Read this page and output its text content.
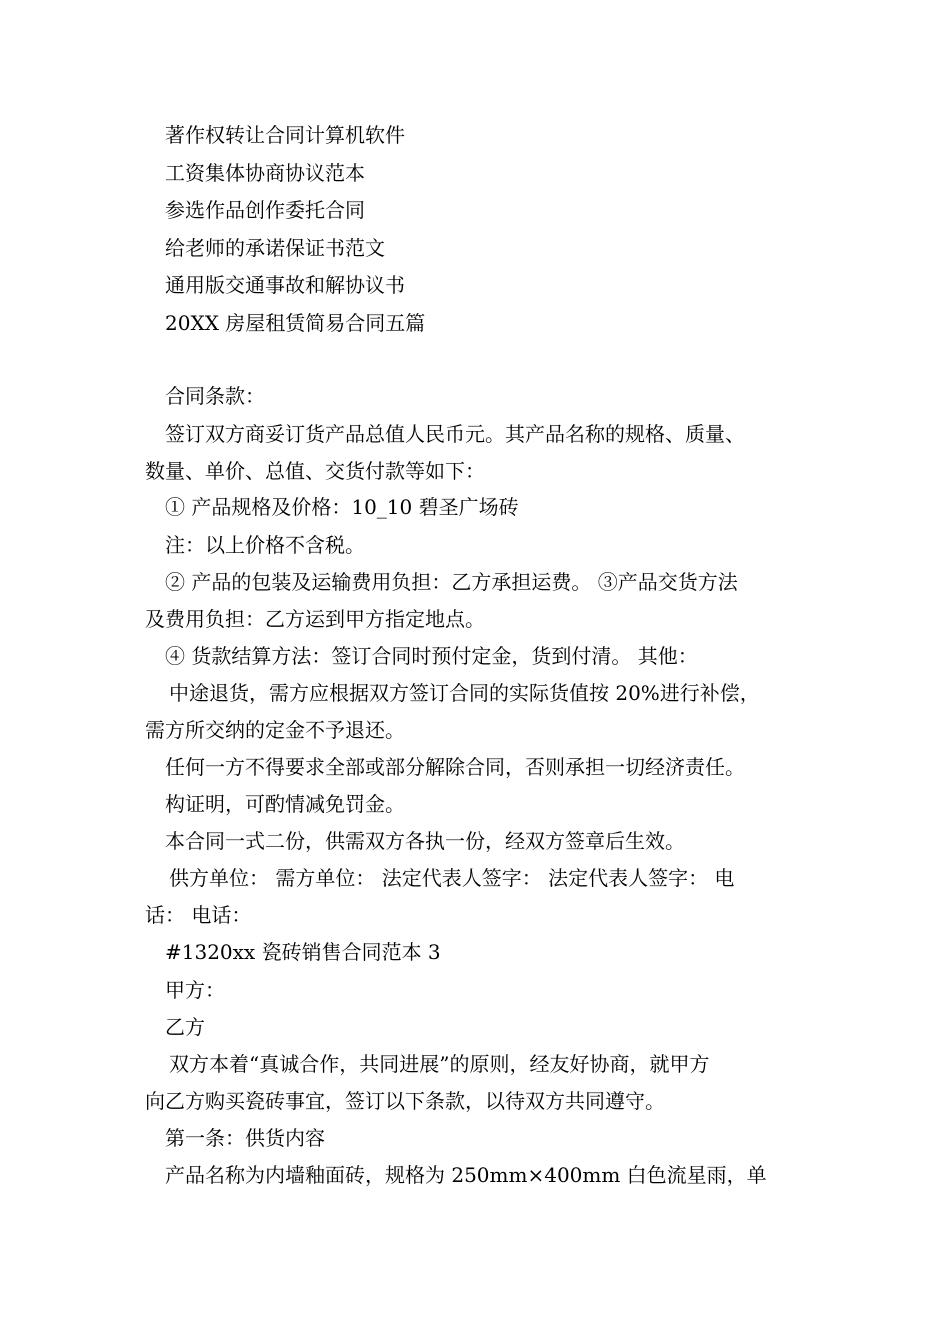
著作权转让合同计算机软件
工资集体协商协议范本
参选作品创作委托合同
给老师的承诺保证书范文
通用版交通事故和解协议书
20XX 房屋租赁简易合同五篇
合同条款：
签订双方商妥订货产品总值人民币元。其产品名称的规格、质量、
数量、单价、总值、交货付款等如下：
① 产品规格及价格：10_10 碧圣广场砖
注：以上价格不含税。
② 产品的包装及运输费用负担：乙方承担运费。 ③产品交货方法
及费用负担：乙方运到甲方指定地点。
④ 货款结算方法：签订合同时预付定金，货到付清。 其他：
中途退货，需方应根据双方签订合同的实际货值按 20%进行补偿，
需方所交纳的定金不予退还。
任何一方不得要求全部或部分解除合同，否则承担一切经济责任。
构证明，可酌情减免罚金。
本合同一式二份，供需双方各执一份，经双方签章后生效。
供方单位： 需方单位： 法定代表人签字： 法定代表人签字： 电
话： 电话：
#1320xx 瓷砖销售合同范本 3
甲方：
乙方
双方本着“真诚合作，共同进展”的原则，经友好协商，就甲方
向乙方购买瓷砖事宜，签订以下条款，以待双方共同遵守。
第一条：供货内容
产品名称为内墙釉面砖，规格为 250mm×400mm 白色流星雨，单
